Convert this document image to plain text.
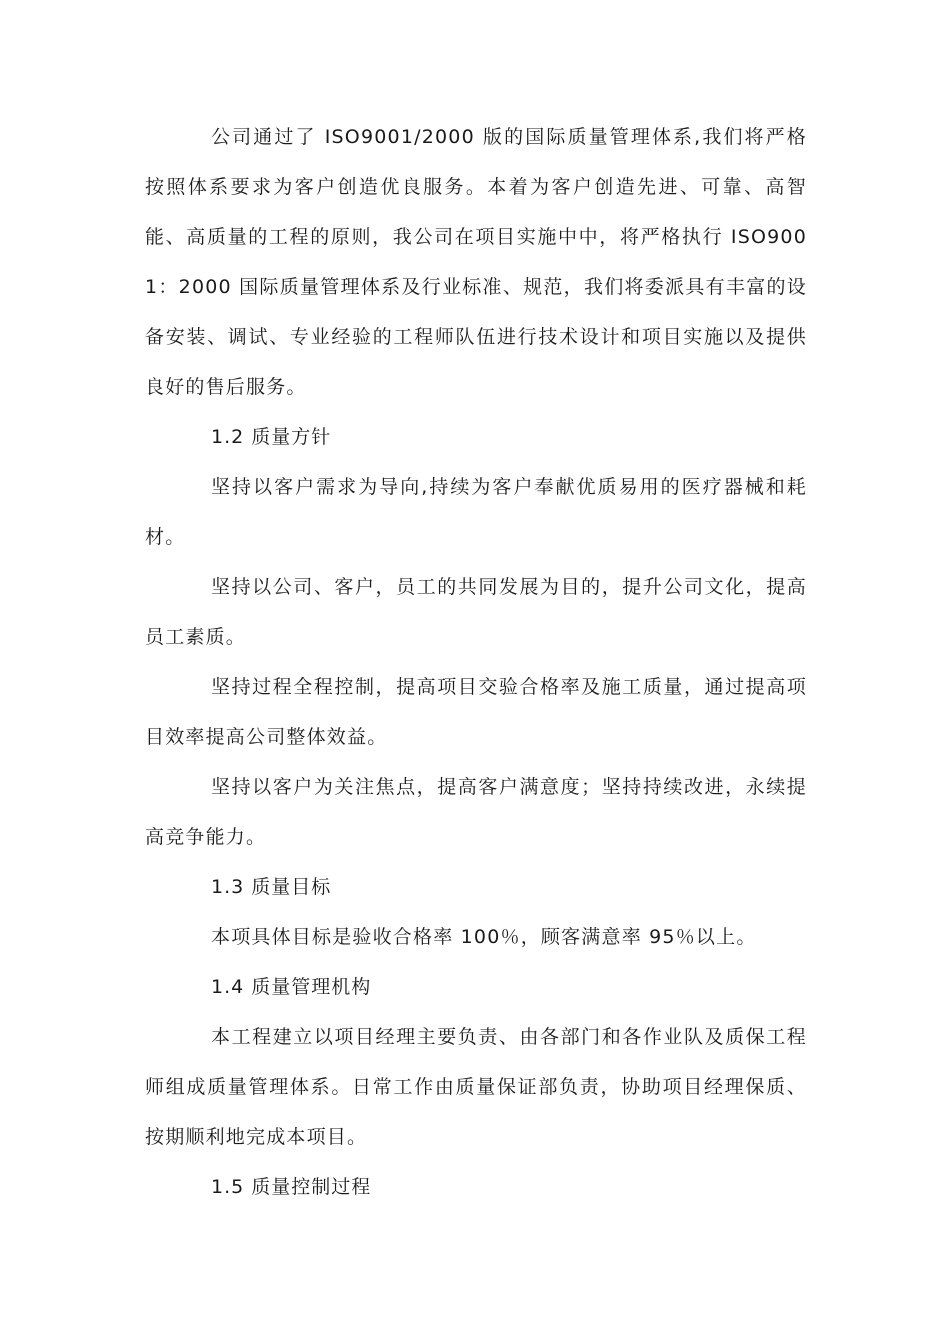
公司通过了 ISO9001/2000 版的国际质量管理体系,我们将严格按照体系要求为客户创造优良服务。本着为客户创造先进、可靠、高智能、高质量的工程的原则，我公司在项目实施中中，将严格执行 ISO9001：2000 国际质量管理体系及行业标准、规范，我们将委派具有丰富的设备安装、调试、专业经验的工程师队伍进行技术设计和项目实施以及提供良好的售后服务。

1.2 质量方针

坚持以客户需求为导向,持续为客户奉献优质易用的医疗器械和耗材。

坚持以公司、客户，员工的共同发展为目的，提升公司文化，提高员工素质。

坚持过程全程控制，提高项目交验合格率及施工质量，通过提高项目效率提高公司整体效益。

坚持以客户为关注焦点，提高客户满意度；坚持持续改进，永续提高竞争能力。

1.3 质量目标

本项具体目标是验收合格率 100％，顾客满意率 95％以上。

1.4 质量管理机构

本工程建立以项目经理主要负责、由各部门和各作业队及质保工程师组成质量管理体系。日常工作由质量保证部负责，协助项目经理保质、按期顺利地完成本项目。

1.5 质量控制过程
